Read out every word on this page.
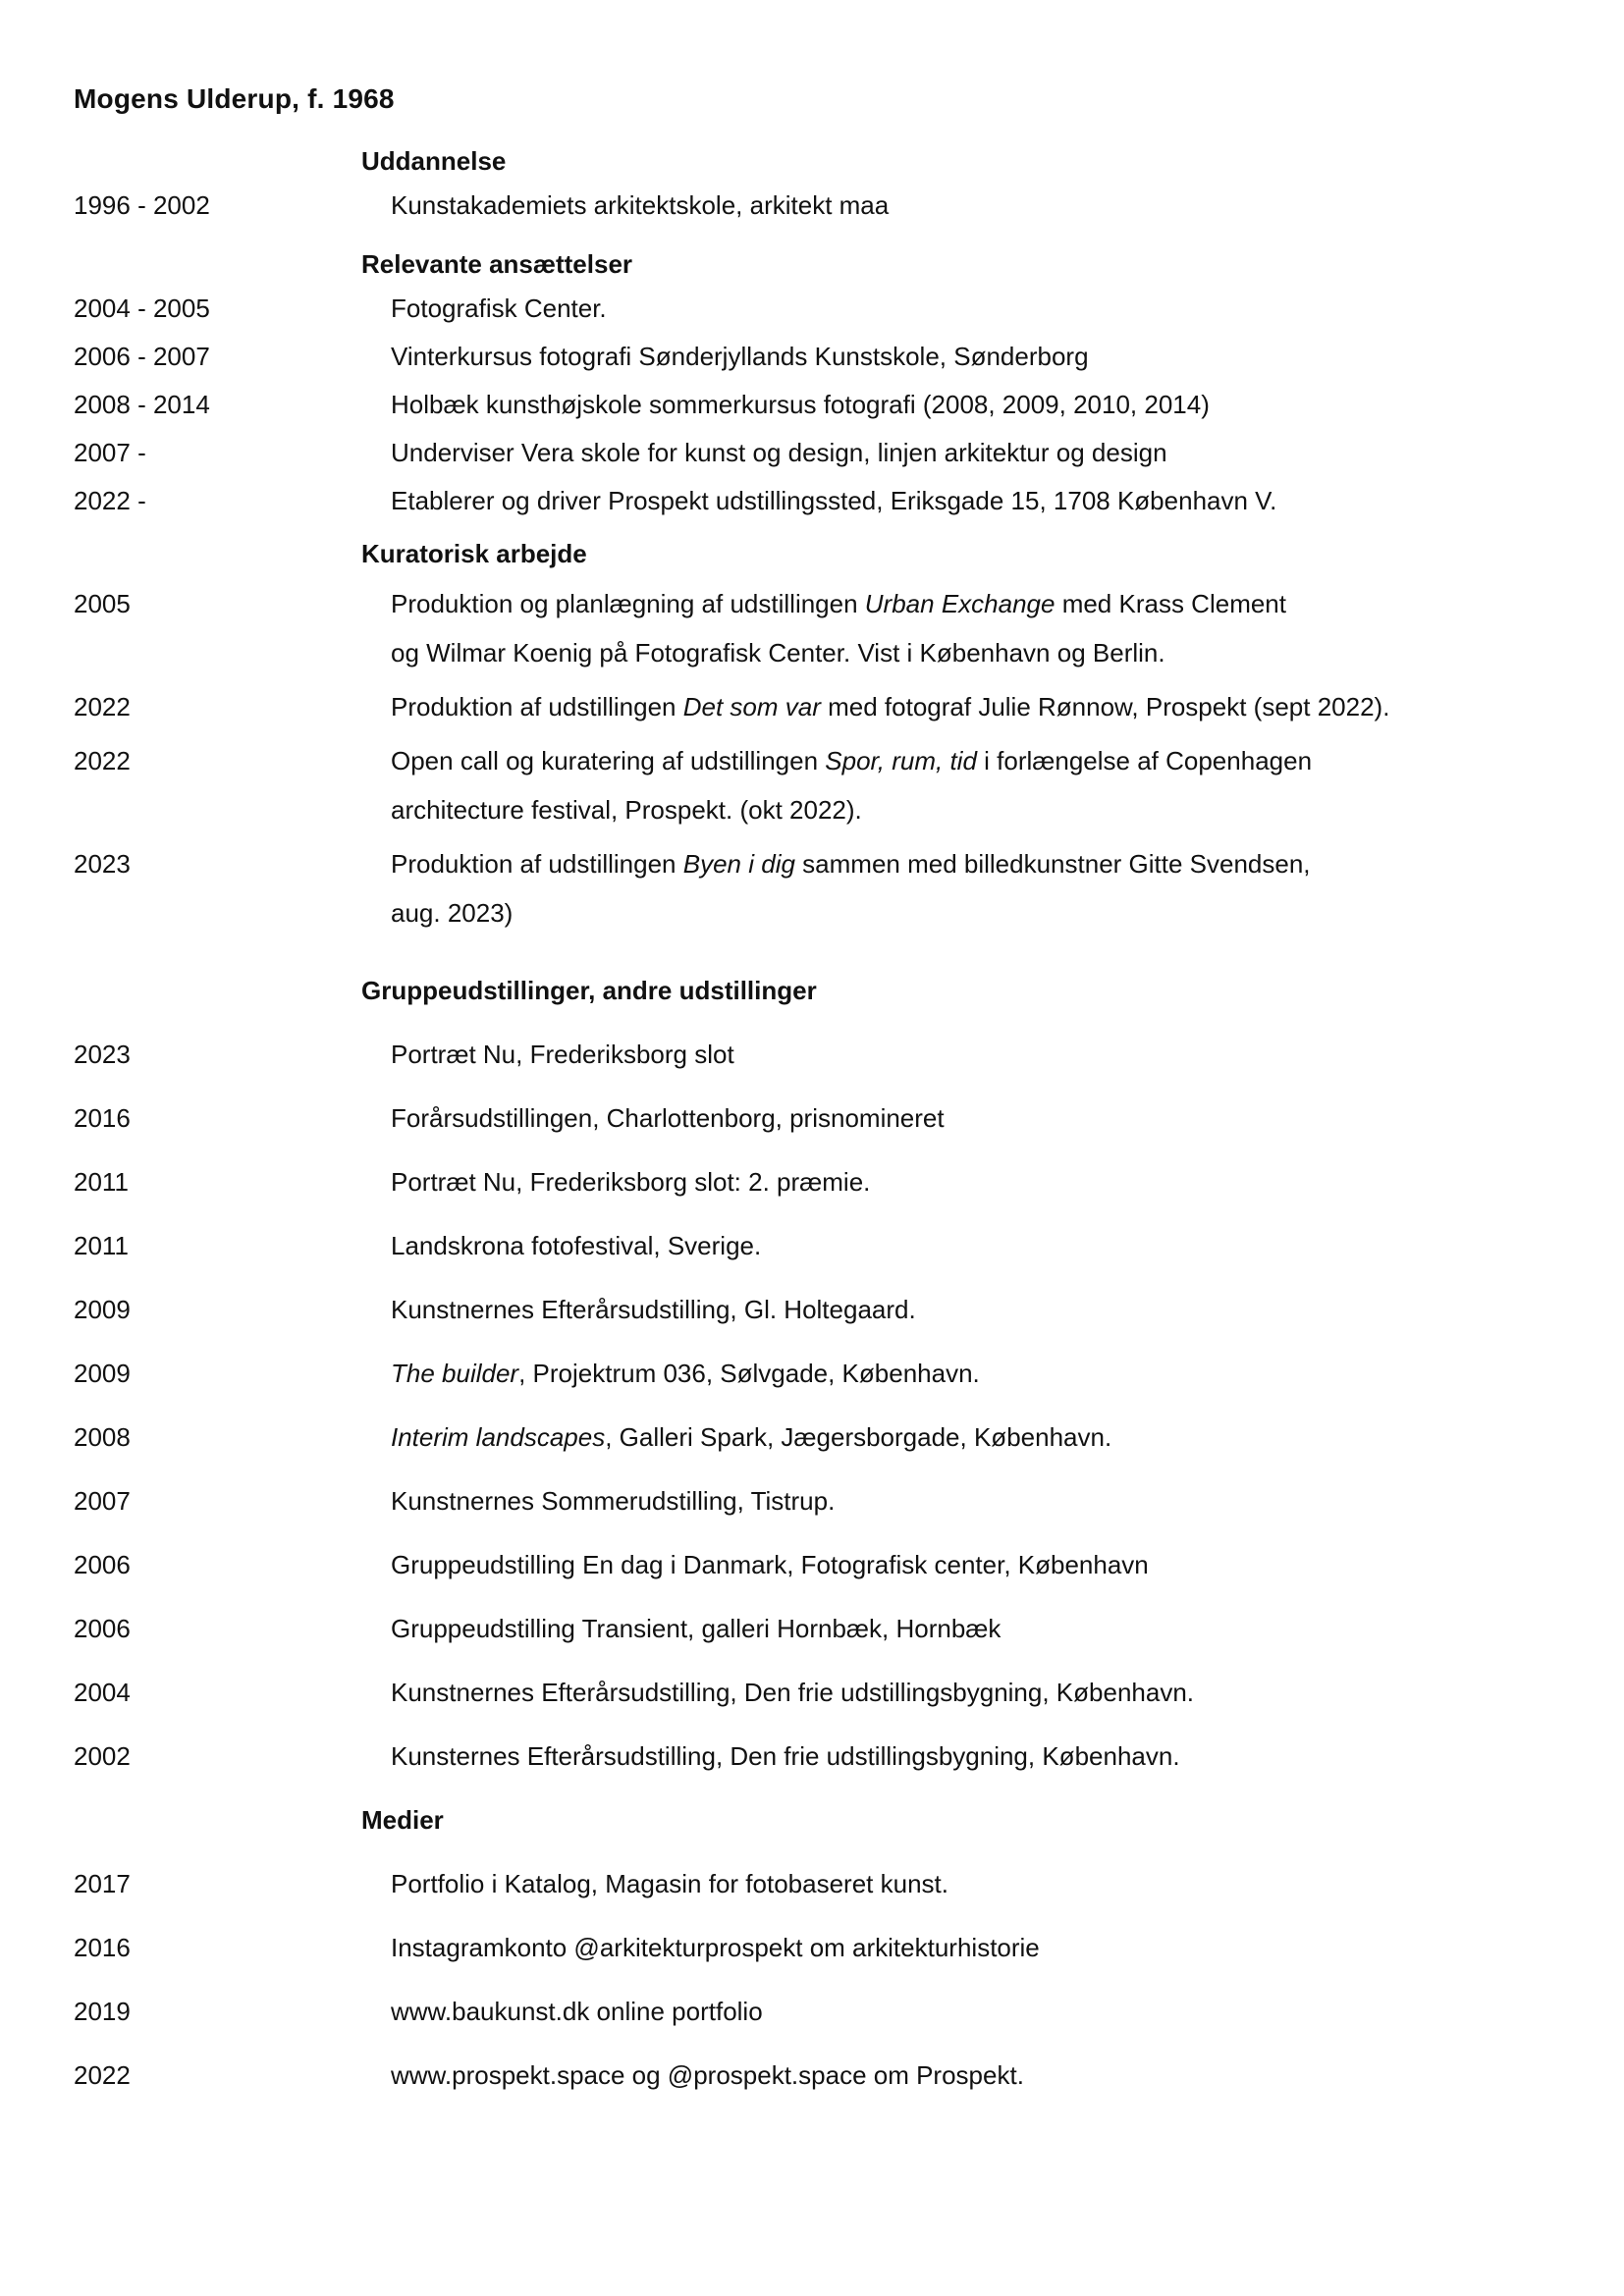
Mogens Ulderup, f. 1968
Uddannelse
1996 - 2002	Kunstakademiets arkitektskole, arkitekt maa
Relevante ansættelser
2004 - 2005	Fotografisk Center.
2006 - 2007	Vinterkursus fotografi Sønderjyllands Kunstskole, Sønderborg
2008 - 2014	Holbæk kunsthøjskole sommerkursus fotografi (2008, 2009, 2010, 2014)
2007 -	Underviser Vera skole for kunst og design, linjen arkitektur og design
2022 -	Etablerer og driver Prospekt udstillingssted, Eriksgade 15, 1708 København V.
Kuratorisk arbejde
2005	Produktion og planlægning af udstillingen Urban Exchange med Krass Clement
og Wilmar Koenig på Fotografisk Center. Vist i København og Berlin.
2022	Produktion af udstillingen Det som var med fotograf Julie Rønnow, Prospekt (sept 2022).
2022	Open call og kuratering af udstillingen Spor, rum, tid i forlængelse af Copenhagen
architecture festival, Prospekt. (okt 2022).
2023	Produktion af udstillingen Byen i dig sammen med billedkunstner Gitte Svendsen,
aug. 2023)
Gruppeudstillinger, andre udstillinger
2023	Portræt Nu, Frederiksborg slot
2016	Forårsudstillingen, Charlottenborg, prisnomineret
2011	Portræt Nu, Frederiksborg slot: 2. præmie.
2011	Landskrona fotofestival, Sverige.
2009	Kunstnernes Efterårsudstilling, Gl. Holtegaard.
2009	The builder, Projektrum 036, Sølvgade, København.
2008	Interim landscapes, Galleri Spark, Jægersborgade, København.
2007	Kunstnernes Sommerudstilling, Tistrup.
2006	Gruppeudstilling En dag i Danmark, Fotografisk center, København
2006	Gruppeudstilling Transient, galleri Hornbæk, Hornbæk
2004	Kunstnernes Efterårsudstilling, Den frie udstillingsbygning, København.
2002	Kunsternes Efterårsudstilling, Den frie udstillingsbygning, København.
Medier
2017	Portfolio i Katalog, Magasin for fotobaseret kunst.
2016	Instagramkonto @arkitekturprospekt om arkitekturhistorie
2019	www.baukunst.dk online portfolio
2022	www.prospekt.space og @prospekt.space om Prospekt.
